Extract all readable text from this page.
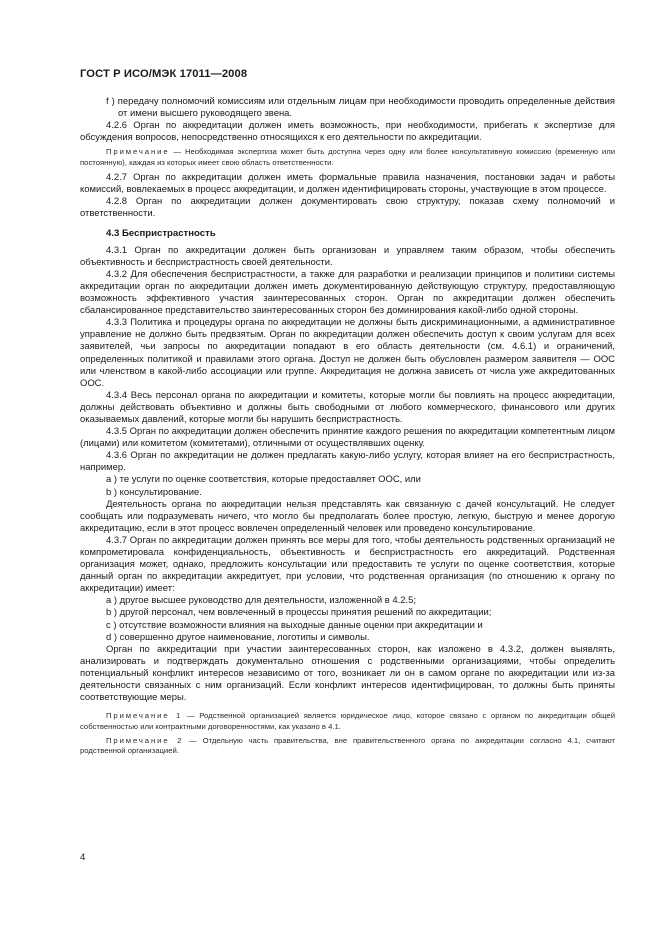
ГОСТ Р ИСО/МЭК 17011—2008

f ) передачу полномочий комиссиям или отдельным лицам при необходимости проводить определенные действия от имени высшего руководящего звена.

4.2.6 Орган по аккредитации должен иметь возможность, при необходимости, прибегать к экспертизе для обсуждения вопросов, непосредственно относящихся к его деятельности по аккредитации.

Примечание — Необходимая экспертиза может быть доступна через одну или более консультативную комиссию (временную или постоянную), каждая из которых имеет свою область ответственности.

4.2.7 Орган по аккредитации должен иметь формальные правила назначения, постановки задач и работы комиссий, вовлекаемых в процесс аккредитации, и должен идентифицировать стороны, участвующие в этом процессе.

4.2.8 Орган по аккредитации должен документировать свою структуру, показав схему полномочий и ответственности.

4.3 Беспристрастность

4.3.1 Орган по аккредитации должен быть организован и управляем таким образом, чтобы обеспечить объективность и беспристрастность своей деятельности.

4.3.2 Для обеспечения беспристрастности, а также для разработки и реализации принципов и политики системы аккредитации орган по аккредитации должен иметь документированную действующую структуру, предоставляющую возможность эффективного участия заинтересованных сторон. Орган по аккредитации должен обеспечить сбалансированное представительство заинтересованных сторон без доминирования какой-либо одной стороны.

4.3.3 Политика и процедуры органа по аккредитации не должны быть дискриминационными, а административное управление не должно быть предвзятым. Орган по аккредитации должен обеспечить доступ к своим услугам для всех заявителей, чьи запросы по аккредитации попадают в его область деятельности (см. 4.6.1) и ограничений, определенных политикой и правилами этого органа. Доступ не должен быть обусловлен размером заявителя — ООС или членством в какой-либо ассоциации или группе. Аккредитация не должна зависеть от числа уже аккредитованных ООС.

4.3.4 Весь персонал органа по аккредитации и комитеты, которые могли бы повлиять на процесс аккредитации, должны действовать объективно и должны быть свободными от любого коммерческого, финансового или других оказываемых давлений, которые могли бы нарушить беспристрастность.

4.3.5 Орган по аккредитации должен обеспечить принятие каждого решения по аккредитации компетентным лицом (лицами) или комитетом (комитетами), отличными от осуществлявших оценку.

4.3.6 Орган по аккредитации не должен предлагать какую-либо услугу, которая влияет на его беспристрастность, например.

a ) те услуги по оценке соответствия, которые предоставляет ООС, или

b ) консультирование.

Деятельность органа по аккредитации нельзя представлять как связанную с дачей консультаций. Не следует сообщать или подразумевать ничего, что могло бы предполагать более простую, легкую, быструю и менее дорогую аккредитацию, если в этот процесс вовлечен определенный человек или проведено консультирование.

4.3.7 Орган по аккредитации должен принять все меры для того, чтобы деятельность родственных организаций не компрометировала конфиденциальность, объективность и беспристрастность его аккредитаций. Родственная организация может, однако, предложить консультации или предоставить те услуги по оценке соответствия, которые данный орган по аккредитации аккредитует, при условии, что родственная организация (по отношению к органу по аккредитации) имеет:

a ) другое высшее руководство для деятельности, изложенной в 4.2.5;

b ) другой персонал, чем вовлеченный в процессы принятия решений по аккредитации;

c ) отсутствие возможности влияния на выходные данные оценки при аккредитации и

d ) совершенно другое наименование, логотипы и символы.

Орган по аккредитации при участии заинтересованных сторон, как изложено в 4.3.2, должен выявлять, анализировать и подтверждать документально отношения с родственными организациями, чтобы определить потенциальный конфликт интересов независимо от того, возникает ли он в самом органе по аккредитации или из-за деятельности связанных с ним организаций. Если конфликт интересов идентифицирован, то должны быть приняты соответствующие меры.

Примечание 1 — Родственной организацией является юридическое лицо, которое связано с органом по аккредитации общей собственностью или контрактными договоренностями, как указано в 4.1.

Примечание 2 — Отдельную часть правительства, вне правительственного органа по аккредитации согласно 4.1, считают родственной организацией.

4
